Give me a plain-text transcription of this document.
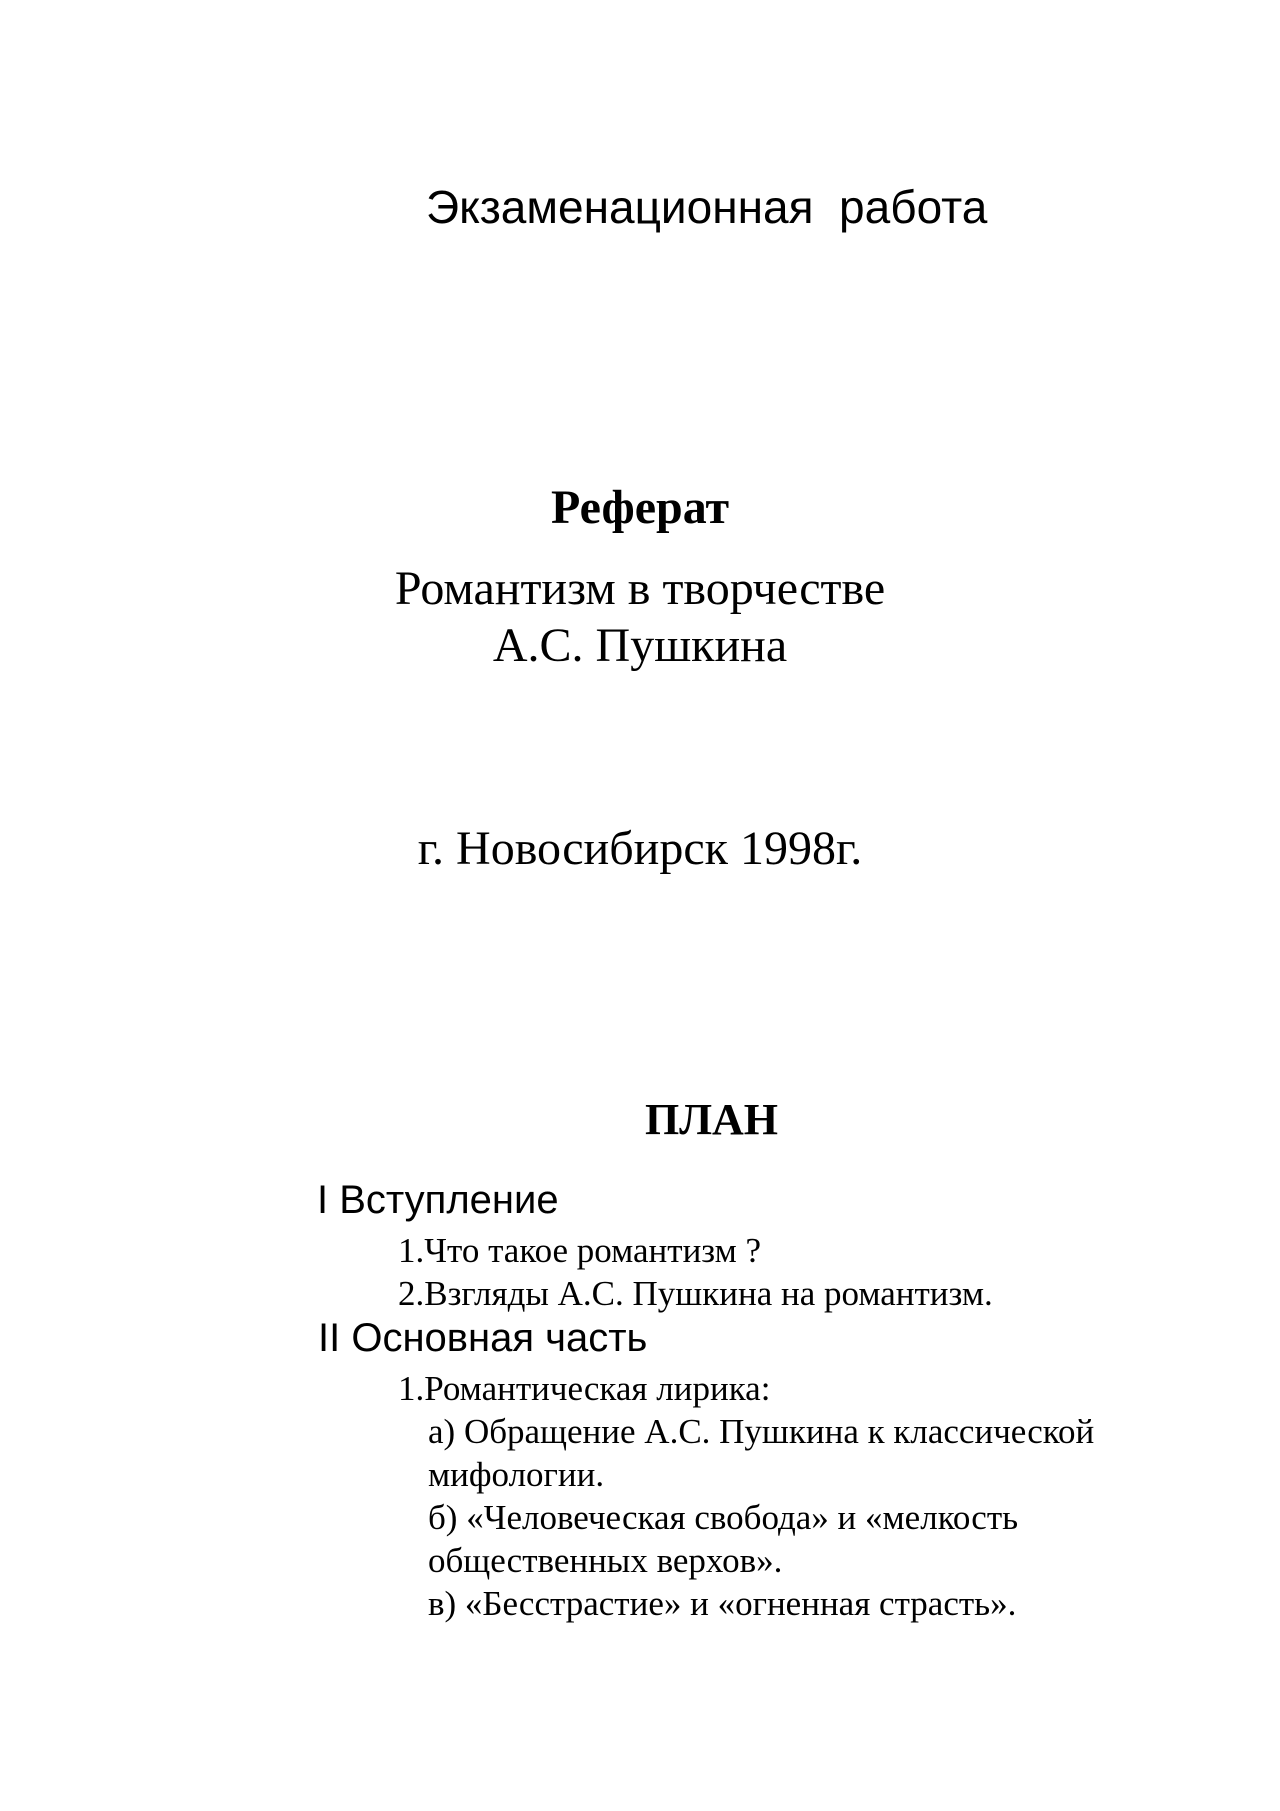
Экзаменационная  работа
Реферат
Романтизм в творчестве
А.С. Пушкина
г. Новосибирск 1998г.
ПЛАН
I Вступление
1.Что такое романтизм ?
2.Взгляды А.С. Пушкина на романтизм.
II Основная часть
1.Романтическая лирика:
а) Обращение А.С. Пушкина к классической
мифологии.
б) «Человеческая свобода» и «мелкость
общественных верхов».
в) «Бесстрастие» и «огненная страсть».
